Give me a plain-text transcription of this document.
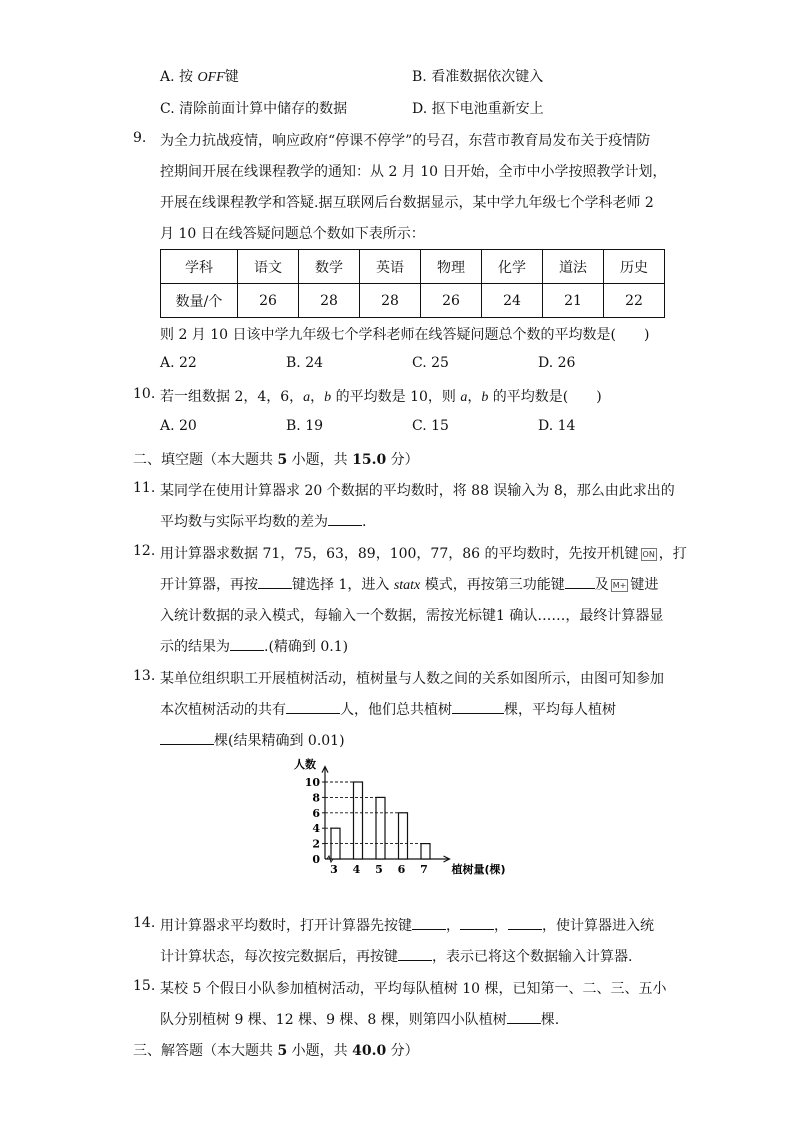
A. 按 OFF键	B. 看准数据依次键入
C. 清除前面计算中储存的数据	D. 抠下电池重新安上
9. 为全力抗战疫情，响应政府“停课不停学”的号召，东营市教育局发布关于疫情防
控期间开展在线课程教学的通知：从 2 月 10 日开始，全市中小学按照教学计划，
开展在线课程教学和答疑.据互联网后台数据显示，某中学九年级七个学科老师 2
月 10 日在线答疑问题总个数如下表所示：
学科	语文	数学	英语	物理	化学	道法	历史
数量/个	26	28	28	26	24	21	22
则 2 月 10 日该中学九年级七个学科老师在线答疑问题总个数的平均数是(　　)
A. 22	B. 24	C. 25	D. 26
10. 若一组数据 2，4，6，a，b 的平均数是 10，则 a，b 的平均数是(　　)
A. 20	B. 19	C. 15	D. 14
二、填空题（本大题共 5 小题，共 15.0 分）
11. 某同学在使用计算器求 20 个数据的平均数时，将 88 误输入为 8，那么由此求出的
平均数与实际平均数的差为 .
12. 用计算器求数据 71，75，63，89，100，77，86 的平均数时，先按开机键 ON ，打
开计算器，再按 键选择 1，进入 statx 模式，再按第三功能键 及 M+ 键进
入统计数据的录入模式，每输入一个数据，需按光标键1 确认……，最终计算器显
示的结果为 .(精确到 0.1)
13. 某单位组织职工开展植树活动，植树量与人数之间的关系如图所示，由图可知参加
本次植树活动的共有	人，他们总共植树	棵，平均每人植树
棵(结果精确到 0.01)
0
2
4
6
8
10
3 4 5 6 7
人数
植树量(棵)
14. 用计算器求平均数时，打开计算器先按键 ， ， ，使计算器进入统
计计算状态，每次按完数据后，再按键 ，表示已将这个数据输入计算器.
15. 某校 5 个假日小队参加植树活动，平均每队植树 10 棵，已知第一、二、三、五小
队分别植树 9 棵、12 棵、9 棵、8 棵，则第四小队植树 棵.
三、解答题（本大题共 5 小题，共 40.0 分）
